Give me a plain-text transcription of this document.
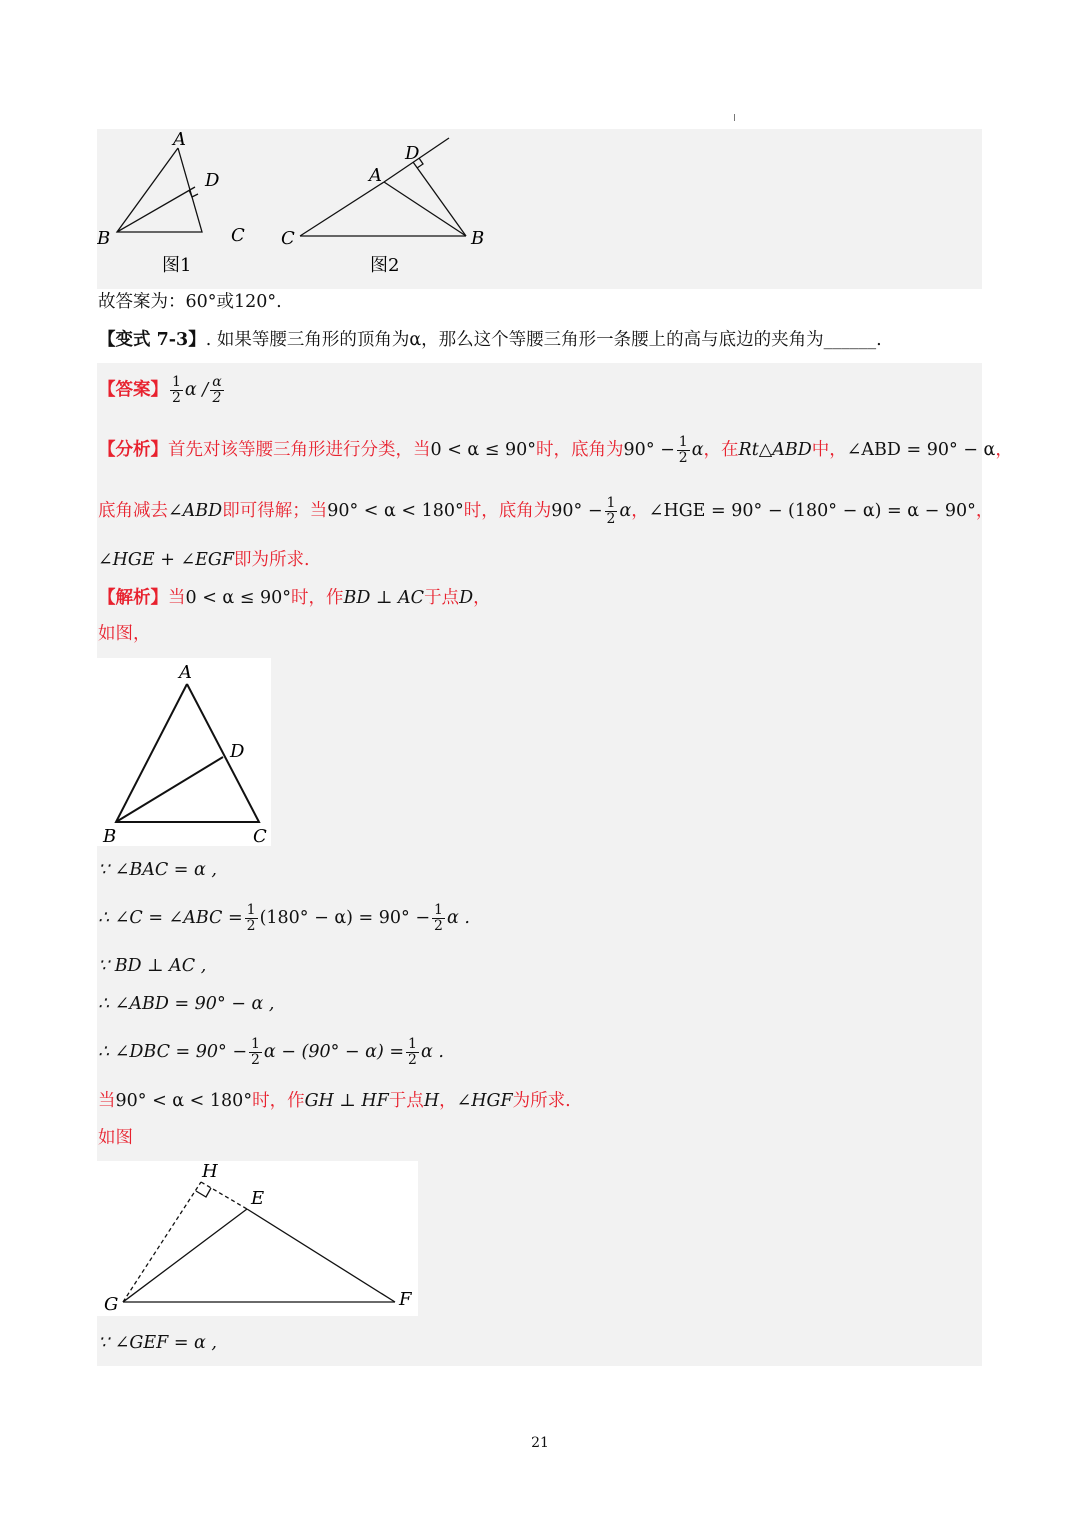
A
D
B	C
图1
D
A
C	B
图2
故答案为：60°或120°.
【变式 7-3】. 如果等腰三角形的顶角为α，那么这个等腰三角形一条腰上的高与底边的夹角为______.
【答案】 $\frac{1}{2}$ α / $\frac{\alpha}{2}$
【分析】首先对该等腰三角形进行分类，当0 < α ≤ 90°时，底角为$90^\circ - \frac{1}{2}$ α，在Rt△ABD中，∠ABD = 90° − α，
底角减去∠ABD即可得解；当90° < α < 180°时，底角为$90^\circ - \frac{1}{2}$ α，∠HGE = 90° − (180° − α) = α − 90°，
∠HGE + ∠EGF即为所求.
【解析】当0 < α ≤ 90°时，作BD ⊥ AC于点D，
如图，
A
D
B	C
∵ ∠BAC = α ,
∴ ∠C = ∠ABC = $\frac{1}{2} (180^\circ - \alpha) = 90^\circ - \frac{1}{2}$ α .
∵ BD ⊥ AC ,
∴ ∠ABD = 90° − α ,
∴ ∠DBC = $90^\circ - \frac{1}{2}$ $\alpha - (90^\circ - \alpha) = \frac{1}{2}$ α .
当90° < α < 180°时，作GH ⊥ HF于点H，∠HGF为所求.
如图
H
E
G	F
∵ ∠GEF = α ,
21
